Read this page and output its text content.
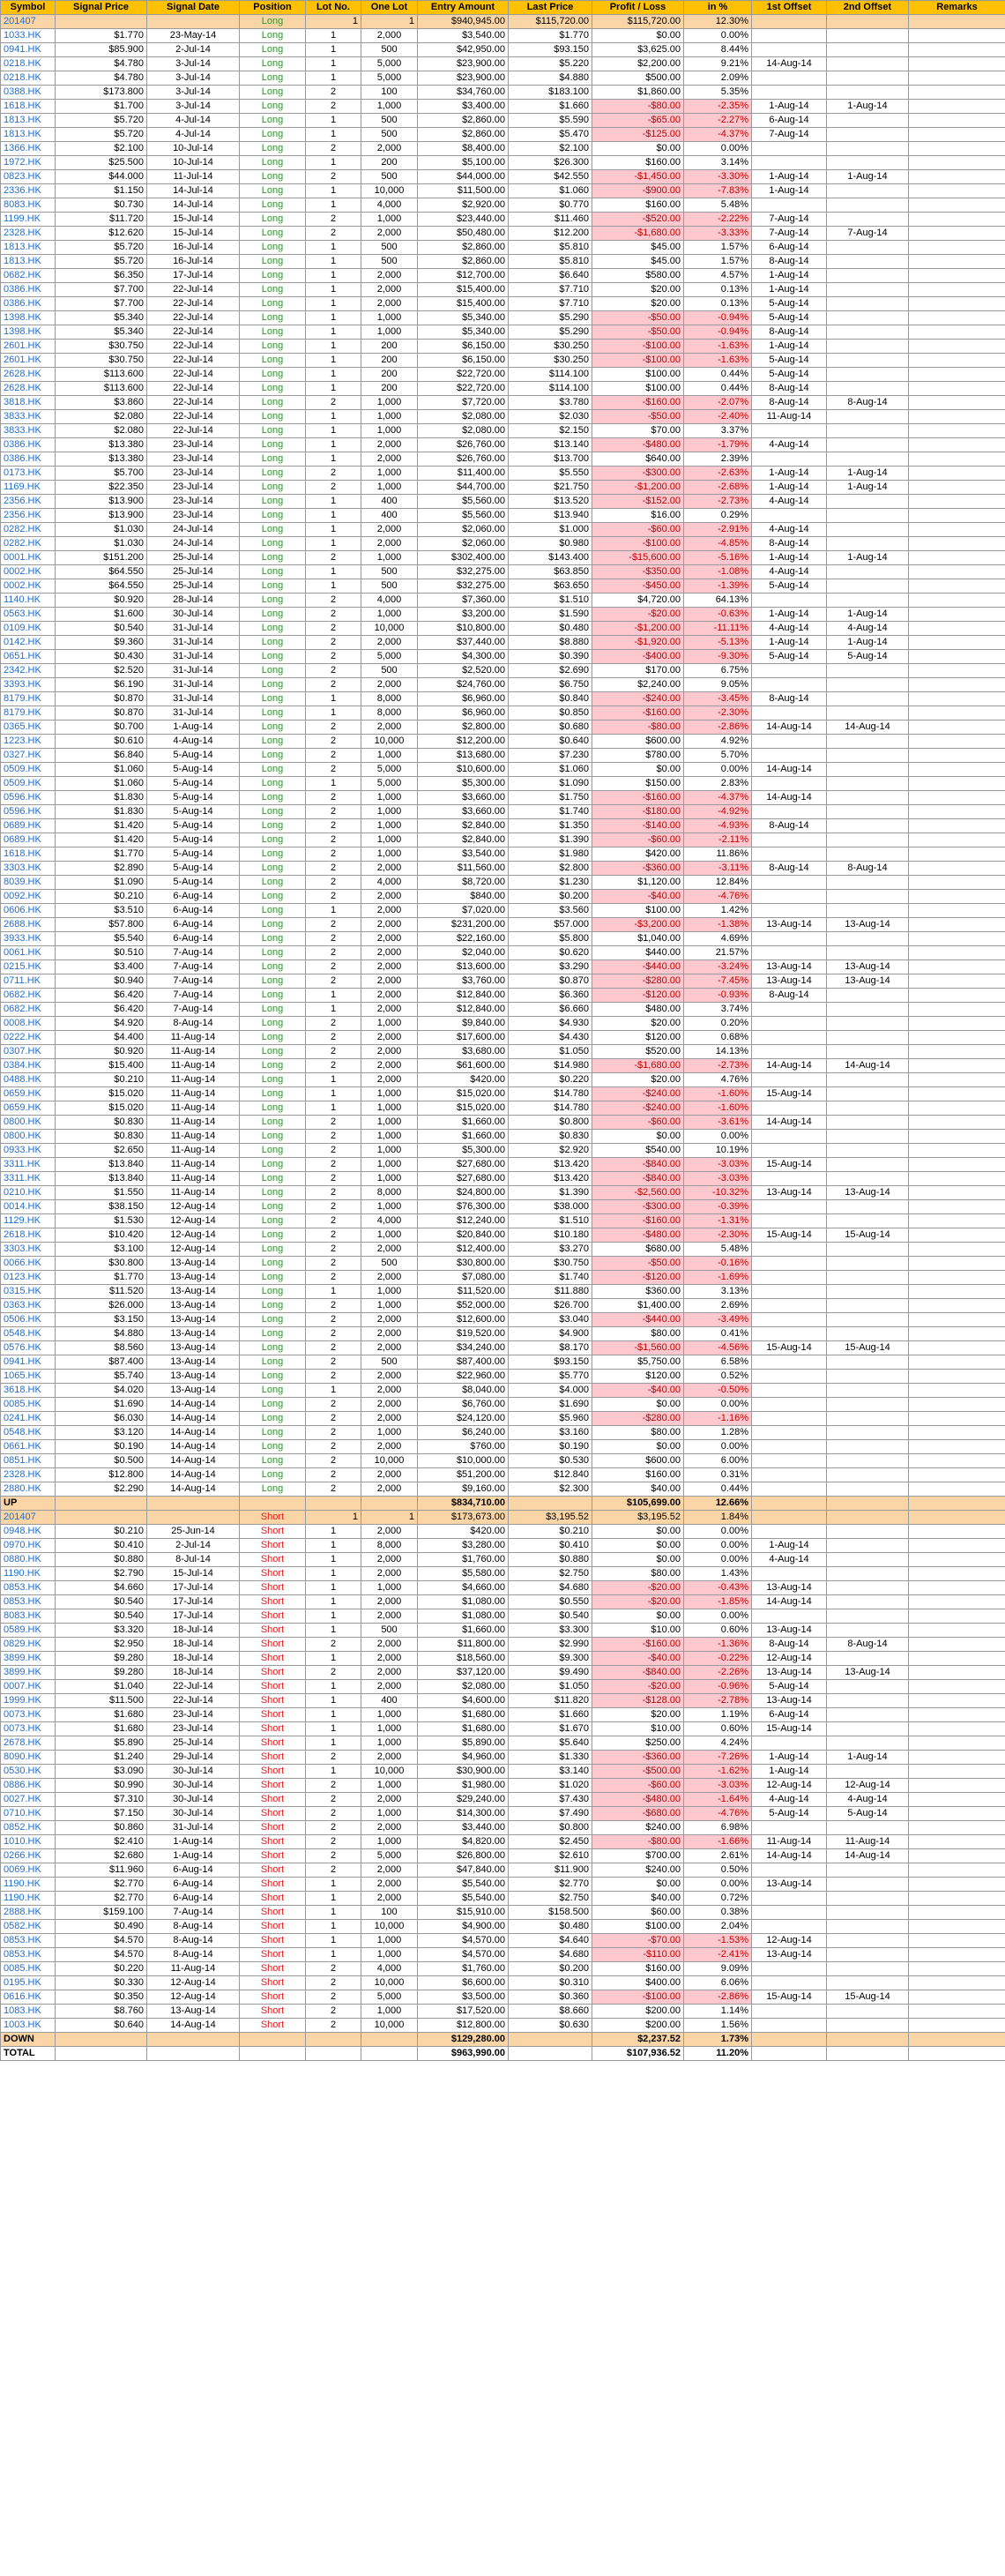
Symbol	Signal Price	Signal Date	Position	Lot No.	One Lot	Entry Amount	Last Price	Profit / Loss	in %	1st Offset	2nd Offset	Remarks
201407			Long	1	1	$940,945.00	$115,720.00	$115,720.00	12.30%			
1033.HK	$1.770	23-May-14	Long	1	2,000	$3,540.00	$1.770	$0.00	0.00%			
0941.HK	$85.900	2-Jul-14	Long	1	500	$42,950.00	$93.150	$3,625.00	8.44%			
0218.HK	$4.780	3-Jul-14	Long	1	5,000	$23,900.00	$5.220	$2,200.00	9.21%	14-Aug-14		
0218.HK	$4.780	3-Jul-14	Long	1	5,000	$23,900.00	$4.880	$500.00	2.09%			
0388.HK	$173.800	3-Jul-14	Long	2	100	$34,760.00	$183.100	$1,860.00	5.35%			
1618.HK	$1.700	3-Jul-14	Long	2	1,000	$3,400.00	$1.660	-$80.00	-2.35%	1-Aug-14	1-Aug-14	
1813.HK	$5.720	4-Jul-14	Long	1	500	$2,860.00	$5.590	-$65.00	-2.27%	6-Aug-14		
1813.HK	$5.720	4-Jul-14	Long	1	500	$2,860.00	$5.470	-$125.00	-4.37%	7-Aug-14		
1366.HK	$2.100	10-Jul-14	Long	2	2,000	$8,400.00	$2.100	$0.00	0.00%			
1972.HK	$25.500	10-Jul-14	Long	1	200	$5,100.00	$26.300	$160.00	3.14%			
0823.HK	$44.000	11-Jul-14	Long	2	500	$44,000.00	$42.550	-$1,450.00	-3.30%	1-Aug-14	1-Aug-14	
2336.HK	$1.150	14-Jul-14	Long	1	10,000	$11,500.00	$1.060	-$900.00	-7.83%	1-Aug-14		
8083.HK	$0.730	14-Jul-14	Long	1	4,000	$2,920.00	$0.770	$160.00	5.48%			
1199.HK	$11.720	15-Jul-14	Long	2	1,000	$23,440.00	$11.460	-$520.00	-2.22%	7-Aug-14		
2328.HK	$12.620	15-Jul-14	Long	2	2,000	$50,480.00	$12.200	-$1,680.00	-3.33%	7-Aug-14	7-Aug-14	
1813.HK	$5.720	16-Jul-14	Long	1	500	$2,860.00	$5.810	$45.00	1.57%	6-Aug-14		
1813.HK	$5.720	16-Jul-14	Long	1	500	$2,860.00	$5.810	$45.00	1.57%	8-Aug-14		
0682.HK	$6.350	17-Jul-14	Long	1	2,000	$12,700.00	$6.640	$580.00	4.57%	1-Aug-14		
0386.HK	$7.700	22-Jul-14	Long	1	2,000	$15,400.00	$7.710	$20.00	0.13%	1-Aug-14		
0386.HK	$7.700	22-Jul-14	Long	1	2,000	$15,400.00	$7.710	$20.00	0.13%	5-Aug-14		
1398.HK	$5.340	22-Jul-14	Long	1	1,000	$5,340.00	$5.290	-$50.00	-0.94%	5-Aug-14		
1398.HK	$5.340	22-Jul-14	Long	1	1,000	$5,340.00	$5.290	-$50.00	-0.94%	8-Aug-14		
2601.HK	$30.750	22-Jul-14	Long	1	200	$6,150.00	$30.250	-$100.00	-1.63%	1-Aug-14		
2601.HK	$30.750	22-Jul-14	Long	1	200	$6,150.00	$30.250	-$100.00	-1.63%	5-Aug-14		
2628.HK	$113.600	22-Jul-14	Long	1	200	$22,720.00	$114.100	$100.00	0.44%	5-Aug-14		
2628.HK	$113.600	22-Jul-14	Long	1	200	$22,720.00	$114.100	$100.00	0.44%	8-Aug-14		
3818.HK	$3.860	22-Jul-14	Long	2	1,000	$7,720.00	$3.780	-$160.00	-2.07%	8-Aug-14	8-Aug-14	
3833.HK	$2.080	22-Jul-14	Long	1	1,000	$2,080.00	$2.030	-$50.00	-2.40%	11-Aug-14		
3833.HK	$2.080	22-Jul-14	Long	1	1,000	$2,080.00	$2.150	$70.00	3.37%			
0386.HK	$13.380	23-Jul-14	Long	1	2,000	$26,760.00	$13.140	-$480.00	-1.79%	4-Aug-14		
0386.HK	$13.380	23-Jul-14	Long	1	2,000	$26,760.00	$13.700	$640.00	2.39%			
0173.HK	$5.700	23-Jul-14	Long	2	1,000	$11,400.00	$5.550	-$300.00	-2.63%	1-Aug-14	1-Aug-14	
1169.HK	$22.350	23-Jul-14	Long	2	1,000	$44,700.00	$21.750	-$1,200.00	-2.68%	1-Aug-14	1-Aug-14	
2356.HK	$13.900	23-Jul-14	Long	1	400	$5,560.00	$13.520	-$152.00	-2.73%	4-Aug-14		
2356.HK	$13.900	23-Jul-14	Long	1	400	$5,560.00	$13.940	$16.00	0.29%			
0282.HK	$1.030	24-Jul-14	Long	1	2,000	$2,060.00	$1.000	-$60.00	-2.91%	4-Aug-14		
0282.HK	$1.030	24-Jul-14	Long	1	2,000	$2,060.00	$0.980	-$100.00	-4.85%	8-Aug-14		
0001.HK	$151.200	25-Jul-14	Long	2	1,000	$302,400.00	$143.400	-$15,600.00	-5.16%	1-Aug-14	1-Aug-14	
0002.HK	$64.550	25-Jul-14	Long	1	500	$32,275.00	$63.850	-$350.00	-1.08%	4-Aug-14		
0002.HK	$64.550	25-Jul-14	Long	1	500	$32,275.00	$63.650	-$450.00	-1.39%	5-Aug-14		
1140.HK	$0.920	28-Jul-14	Long	2	4,000	$7,360.00	$1.510	$4,720.00	64.13%			
0563.HK	$1.600	30-Jul-14	Long	2	1,000	$3,200.00	$1.590	-$20.00	-0.63%	1-Aug-14	1-Aug-14	
0109.HK	$0.540	31-Jul-14	Long	2	10,000	$10,800.00	$0.480	-$1,200.00	-11.11%	4-Aug-14	4-Aug-14	
0142.HK	$9.360	31-Jul-14	Long	2	2,000	$37,440.00	$8.880	-$1,920.00	-5.13%	1-Aug-14	1-Aug-14	
0651.HK	$0.430	31-Jul-14	Long	2	5,000	$4,300.00	$0.390	-$400.00	-9.30%	5-Aug-14	5-Aug-14	
2342.HK	$2.520	31-Jul-14	Long	2	500	$2,520.00	$2.690	$170.00	6.75%			
3393.HK	$6.190	31-Jul-14	Long	2	2,000	$24,760.00	$6.750	$2,240.00	9.05%			
8179.HK	$0.870	31-Jul-14	Long	1	8,000	$6,960.00	$0.840	-$240.00	-3.45%	8-Aug-14		
8179.HK	$0.870	31-Jul-14	Long	1	8,000	$6,960.00	$0.850	-$160.00	-2.30%			
0365.HK	$0.700	1-Aug-14	Long	2	2,000	$2,800.00	$0.680	-$80.00	-2.86%	14-Aug-14	14-Aug-14	
1223.HK	$0.610	4-Aug-14	Long	2	10,000	$12,200.00	$0.640	$600.00	4.92%			
0327.HK	$6.840	5-Aug-14	Long	2	1,000	$13,680.00	$7.230	$780.00	5.70%			
0509.HK	$1.060	5-Aug-14	Long	2	5,000	$10,600.00	$1.060	$0.00	0.00%	14-Aug-14		
0509.HK	$1.060	5-Aug-14	Long	1	5,000	$5,300.00	$1.090	$150.00	2.83%			
0596.HK	$1.830	5-Aug-14	Long	2	1,000	$3,660.00	$1.750	-$160.00	-4.37%	14-Aug-14		
0596.HK	$1.830	5-Aug-14	Long	2	1,000	$3,660.00	$1.740	-$180.00	-4.92%			
0689.HK	$1.420	5-Aug-14	Long	2	1,000	$2,840.00	$1.350	-$140.00	-4.93%	8-Aug-14		
0689.HK	$1.420	5-Aug-14	Long	2	1,000	$2,840.00	$1.390	-$60.00	-2.11%			
1618.HK	$1.770	5-Aug-14	Long	2	1,000	$3,540.00	$1.980	$420.00	11.86%			
3303.HK	$2.890	5-Aug-14	Long	2	2,000	$11,560.00	$2.800	-$360.00	-3.11%	8-Aug-14	8-Aug-14	
8039.HK	$1.090	5-Aug-14	Long	2	4,000	$8,720.00	$1.230	$1,120.00	12.84%			
0092.HK	$0.210	6-Aug-14	Long	2	2,000	$840.00	$0.200	-$40.00	-4.76%			
0606.HK	$3.510	6-Aug-14	Long	1	2,000	$7,020.00	$3.560	$100.00	1.42%			
2688.HK	$57.800	6-Aug-14	Long	2	2,000	$231,200.00	$57.000	-$3,200.00	-1.38%	13-Aug-14	13-Aug-14	
3933.HK	$5.540	6-Aug-14	Long	2	2,000	$22,160.00	$5.800	$1,040.00	4.69%			
0061.HK	$0.510	7-Aug-14	Long	2	2,000	$2,040.00	$0.620	$440.00	21.57%			
0215.HK	$3.400	7-Aug-14	Long	2	2,000	$13,600.00	$3.290	-$440.00	-3.24%	13-Aug-14	13-Aug-14	
0711.HK	$0.940	7-Aug-14	Long	2	2,000	$3,760.00	$0.870	-$280.00	-7.45%	13-Aug-14	13-Aug-14	
0682.HK	$6.420	7-Aug-14	Long	1	2,000	$12,840.00	$6.360	-$120.00	-0.93%	8-Aug-14		
0682.HK	$6.420	7-Aug-14	Long	1	2,000	$12,840.00	$6.660	$480.00	3.74%			
0008.HK	$4.920	8-Aug-14	Long	2	1,000	$9,840.00	$4.930	$20.00	0.20%			
0222.HK	$4.400	11-Aug-14	Long	2	2,000	$17,600.00	$4.430	$120.00	0.68%			
0307.HK	$0.920	11-Aug-14	Long	2	2,000	$3,680.00	$1.050	$520.00	14.13%			
0384.HK	$15.400	11-Aug-14	Long	2	2,000	$61,600.00	$14.980	-$1,680.00	-2.73%	14-Aug-14	14-Aug-14	
0488.HK	$0.210	11-Aug-14	Long	1	2,000	$420.00	$0.220	$20.00	4.76%			
0659.HK	$15.020	11-Aug-14	Long	1	1,000	$15,020.00	$14.780	-$240.00	-1.60%	15-Aug-14		
0659.HK	$15.020	11-Aug-14	Long	1	1,000	$15,020.00	$14.780	-$240.00	-1.60%			
0800.HK	$0.830	11-Aug-14	Long	2	1,000	$1,660.00	$0.800	-$60.00	-3.61%	14-Aug-14		
0800.HK	$0.830	11-Aug-14	Long	2	1,000	$1,660.00	$0.830	$0.00	0.00%			
0933.HK	$2.650	11-Aug-14	Long	2	1,000	$5,300.00	$2.920	$540.00	10.19%			
3311.HK	$13.840	11-Aug-14	Long	2	1,000	$27,680.00	$13.420	-$840.00	-3.03%	15-Aug-14		
3311.HK	$13.840	11-Aug-14	Long	2	1,000	$27,680.00	$13.420	-$840.00	-3.03%			
0210.HK	$1.550	11-Aug-14	Long	2	8,000	$24,800.00	$1.390	-$2,560.00	-10.32%	13-Aug-14	13-Aug-14	
0014.HK	$38.150	12-Aug-14	Long	2	1,000	$76,300.00	$38.000	-$300.00	-0.39%			
1129.HK	$1.530	12-Aug-14	Long	2	4,000	$12,240.00	$1.510	-$160.00	-1.31%			
2618.HK	$10.420	12-Aug-14	Long	2	1,000	$20,840.00	$10.180	-$480.00	-2.30%	15-Aug-14	15-Aug-14	
3303.HK	$3.100	12-Aug-14	Long	2	2,000	$12,400.00	$3.270	$680.00	5.48%			
0066.HK	$30.800	13-Aug-14	Long	2	500	$30,800.00	$30.750	-$50.00	-0.16%			
0123.HK	$1.770	13-Aug-14	Long	2	2,000	$7,080.00	$1.740	-$120.00	-1.69%			
0315.HK	$11.520	13-Aug-14	Long	1	1,000	$11,520.00	$11.880	$360.00	3.13%			
0363.HK	$26.000	13-Aug-14	Long	2	1,000	$52,000.00	$26.700	$1,400.00	2.69%			
0506.HK	$3.150	13-Aug-14	Long	2	2,000	$12,600.00	$3.040	-$440.00	-3.49%			
0548.HK	$4.880	13-Aug-14	Long	2	2,000	$19,520.00	$4.900	$80.00	0.41%			
0576.HK	$8.560	13-Aug-14	Long	2	2,000	$34,240.00	$8.170	-$1,560.00	-4.56%	15-Aug-14	15-Aug-14	
0941.HK	$87.400	13-Aug-14	Long	2	500	$87,400.00	$93.150	$5,750.00	6.58%			
1065.HK	$5.740	13-Aug-14	Long	2	2,000	$22,960.00	$5.770	$120.00	0.52%			
3618.HK	$4.020	13-Aug-14	Long	1	2,000	$8,040.00	$4.000	-$40.00	-0.50%			
0085.HK	$1.690	14-Aug-14	Long	2	2,000	$6,760.00	$1.690	$0.00	0.00%			
0241.HK	$6.030	14-Aug-14	Long	2	2,000	$24,120.00	$5.960	-$280.00	-1.16%			
0548.HK	$3.120	14-Aug-14	Long	2	1,000	$6,240.00	$3.160	$80.00	1.28%			
0661.HK	$0.190	14-Aug-14	Long	2	2,000	$760.00	$0.190	$0.00	0.00%			
0851.HK	$0.500	14-Aug-14	Long	2	10,000	$10,000.00	$0.530	$600.00	6.00%			
2328.HK	$12.800	14-Aug-14	Long	2	2,000	$51,200.00	$12.840	$160.00	0.31%			
2880.HK	$2.290	14-Aug-14	Long	2	2,000	$9,160.00	$2.300	$40.00	0.44%			
UP						$834,710.00		$105,699.00	12.66%			
201407			Short	1	1	$173,673.00	$3,195.52	$3,195.52	1.84%			
0948.HK	$0.210	25-Jun-14	Short	1	2,000	$420.00	$0.210	$0.00	0.00%			
0970.HK	$0.410	2-Jul-14	Short	1	8,000	$3,280.00	$0.410	$0.00	0.00%	1-Aug-14		
0880.HK	$0.880	8-Jul-14	Short	1	2,000	$1,760.00	$0.880	$0.00	0.00%	4-Aug-14		
1190.HK	$2.790	15-Jul-14	Short	1	2,000	$5,580.00	$2.750	$80.00	1.43%			
0853.HK	$4.660	17-Jul-14	Short	1	1,000	$4,660.00	$4.680	-$20.00	-0.43%	13-Aug-14		
0853.HK	$0.540	17-Jul-14	Short	1	2,000	$1,080.00	$0.550	-$20.00	-1.85%	14-Aug-14		
8083.HK	$0.540	17-Jul-14	Short	1	2,000	$1,080.00	$0.540	$0.00	0.00%			
0589.HK	$3.320	18-Jul-14	Short	1	500	$1,660.00	$3.300	$10.00	0.60%	13-Aug-14		
0829.HK	$2.950	18-Jul-14	Short	2	2,000	$11,800.00	$2.990	-$160.00	-1.36%	8-Aug-14	8-Aug-14	
3899.HK	$9.280	18-Jul-14	Short	1	2,000	$18,560.00	$9.300	-$40.00	-0.22%	12-Aug-14		
3899.HK	$9.280	18-Jul-14	Short	2	2,000	$37,120.00	$9.490	-$840.00	-2.26%	13-Aug-14	13-Aug-14	
0007.HK	$1.040	22-Jul-14	Short	1	2,000	$2,080.00	$1.050	-$20.00	-0.96%	5-Aug-14		
1999.HK	$11.500	22-Jul-14	Short	1	400	$4,600.00	$11.820	-$128.00	-2.78%	13-Aug-14		
0073.HK	$1.680	23-Jul-14	Short	1	1,000	$1,680.00	$1.660	$20.00	1.19%	6-Aug-14		
0073.HK	$1.680	23-Jul-14	Short	1	1,000	$1,680.00	$1.670	$10.00	0.60%	15-Aug-14		
2678.HK	$5.890	25-Jul-14	Short	1	1,000	$5,890.00	$5.640	$250.00	4.24%			
8090.HK	$1.240	29-Jul-14	Short	2	2,000	$4,960.00	$1.330	-$360.00	-7.26%	1-Aug-14	1-Aug-14	
0530.HK	$3.090	30-Jul-14	Short	1	10,000	$30,900.00	$3.140	-$500.00	-1.62%	1-Aug-14		
0886.HK	$0.990	30-Jul-14	Short	2	1,000	$1,980.00	$1.020	-$60.00	-3.03%	12-Aug-14	12-Aug-14	
0027.HK	$7.310	30-Jul-14	Short	2	2,000	$29,240.00	$7.430	-$480.00	-1.64%	4-Aug-14	4-Aug-14	
0710.HK	$7.150	30-Jul-14	Short	2	1,000	$14,300.00	$7.490	-$680.00	-4.76%	5-Aug-14	5-Aug-14	
0852.HK	$0.860	31-Jul-14	Short	2	2,000	$3,440.00	$0.800	$240.00	6.98%			
1010.HK	$2.410	1-Aug-14	Short	2	1,000	$4,820.00	$2.450	-$80.00	-1.66%	11-Aug-14	11-Aug-14	
0266.HK	$2.680	1-Aug-14	Short	2	5,000	$26,800.00	$2.610	$700.00	2.61%	14-Aug-14	14-Aug-14	
0069.HK	$11.960	6-Aug-14	Short	2	2,000	$47,840.00	$11.900	$240.00	0.50%			
1190.HK	$2.770	6-Aug-14	Short	1	2,000	$5,540.00	$2.770	$0.00	0.00%	13-Aug-14		
1190.HK	$2.770	6-Aug-14	Short	1	2,000	$5,540.00	$2.750	$40.00	0.72%			
2888.HK	$159.100	7-Aug-14	Short	1	100	$15,910.00	$158.500	$60.00	0.38%			
0582.HK	$0.490	8-Aug-14	Short	1	10,000	$4,900.00	$0.480	$100.00	2.04%			
0853.HK	$4.570	8-Aug-14	Short	1	1,000	$4,570.00	$4.640	-$70.00	-1.53%	12-Aug-14		
0853.HK	$4.570	8-Aug-14	Short	1	1,000	$4,570.00	$4.680	-$110.00	-2.41%	13-Aug-14		
0085.HK	$0.220	11-Aug-14	Short	2	4,000	$1,760.00	$0.200	$160.00	9.09%			
0195.HK	$0.330	12-Aug-14	Short	2	10,000	$6,600.00	$0.310	$400.00	6.06%			
0616.HK	$0.350	12-Aug-14	Short	2	5,000	$3,500.00	$0.360	-$100.00	-2.86%	15-Aug-14	15-Aug-14	
1083.HK	$8.760	13-Aug-14	Short	2	1,000	$17,520.00	$8.660	$200.00	1.14%			
1003.HK	$0.640	14-Aug-14	Short	2	10,000	$12,800.00	$0.630	$200.00	1.56%			
DOWN						$129,280.00		$2,237.52	1.73%			
TOTAL						$963,990.00		$107,936.52	11.20%			
